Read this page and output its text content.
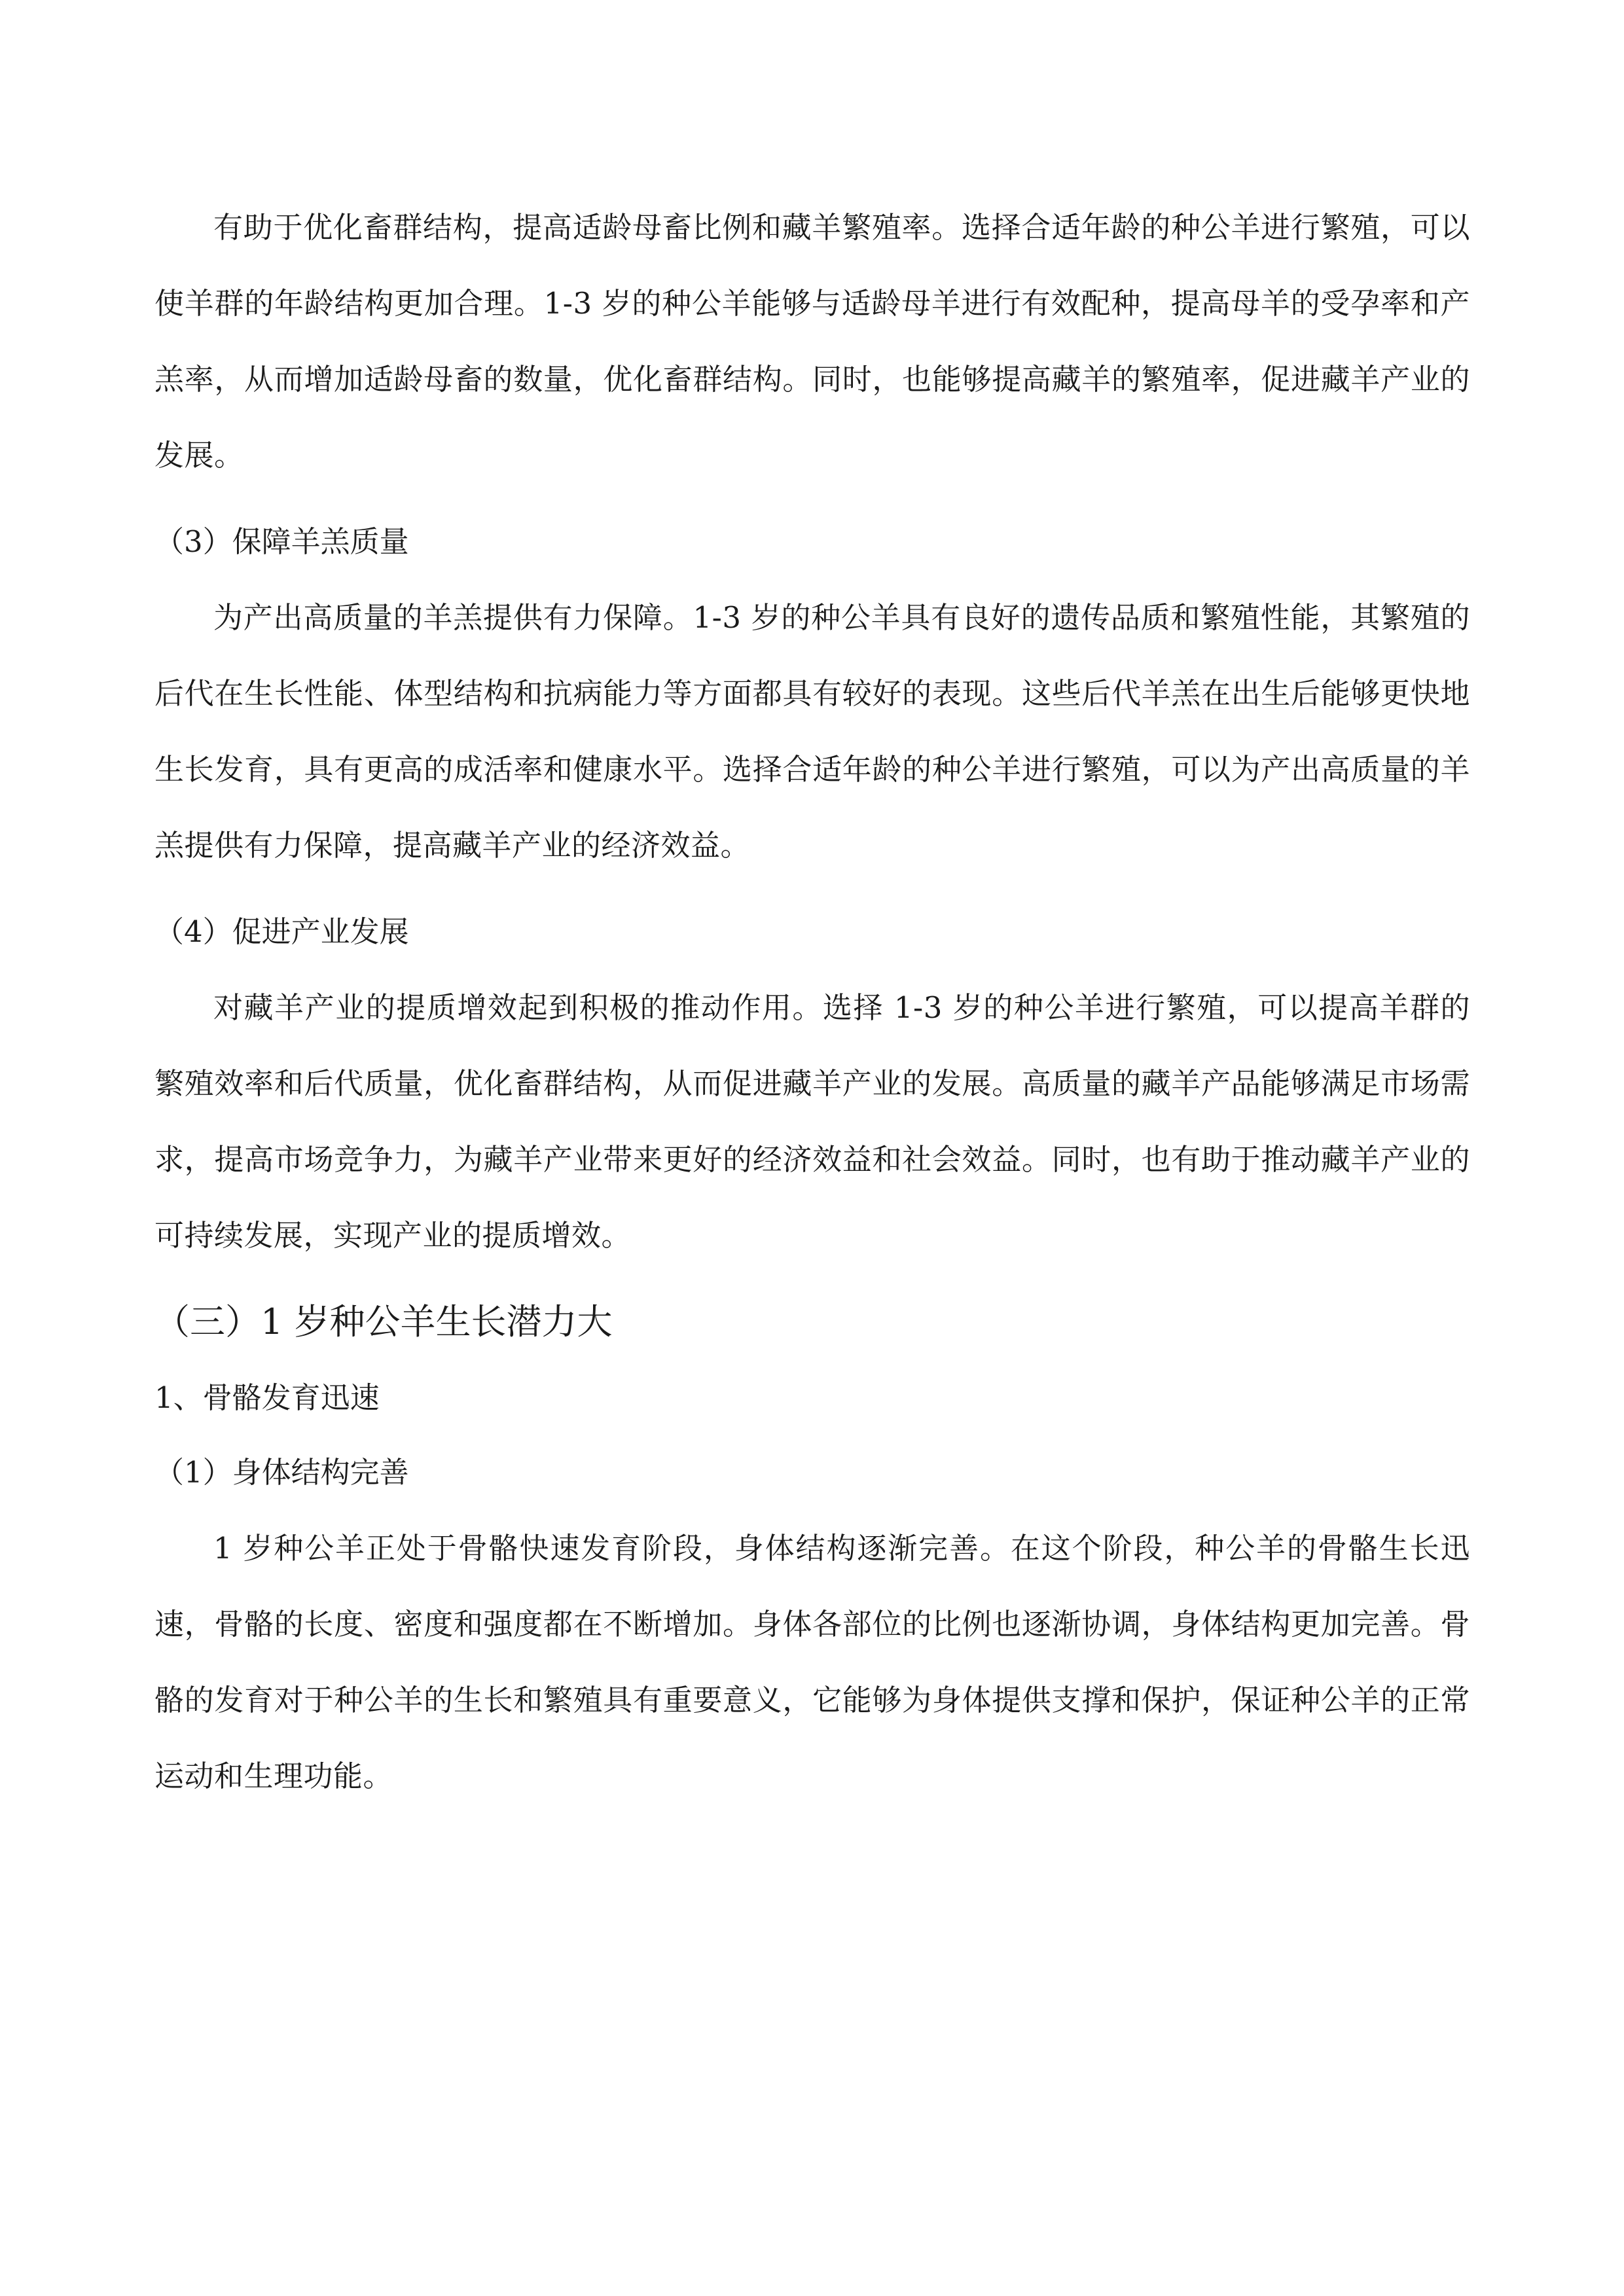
有助于优化畜群结构，提高适龄母畜比例和藏羊繁殖率。选择合适年龄的种公羊进行繁殖，可以使羊群的年龄结构更加合理。1-3 岁的种公羊能够与适龄母羊进行有效配种，提高母羊的受孕率和产羔率，从而增加适龄母畜的数量，优化畜群结构。同时，也能够提高藏羊的繁殖率，促进藏羊产业的发展。

（3）保障羊羔质量

为产出高质量的羊羔提供有力保障。1-3 岁的种公羊具有良好的遗传品质和繁殖性能，其繁殖的后代在生长性能、体型结构和抗病能力等方面都具有较好的表现。这些后代羊羔在出生后能够更快地生长发育，具有更高的成活率和健康水平。选择合适年龄的种公羊进行繁殖，可以为产出高质量的羊羔提供有力保障，提高藏羊产业的经济效益。

（4）促进产业发展

对藏羊产业的提质增效起到积极的推动作用。选择 1-3 岁的种公羊进行繁殖，可以提高羊群的繁殖效率和后代质量，优化畜群结构，从而促进藏羊产业的发展。高质量的藏羊产品能够满足市场需求，提高市场竞争力，为藏羊产业带来更好的经济效益和社会效益。同时，也有助于推动藏羊产业的可持续发展，实现产业的提质增效。

（三）1 岁种公羊生长潜力大

1、骨骼发育迅速

（1）身体结构完善

1 岁种公羊正处于骨骼快速发育阶段，身体结构逐渐完善。在这个阶段，种公羊的骨骼生长迅速，骨骼的长度、密度和强度都在不断增加。身体各部位的比例也逐渐协调，身体结构更加完善。骨骼的发育对于种公羊的生长和繁殖具有重要意义，它能够为身体提供支撑和保护，保证种公羊的正常运动和生理功能。
